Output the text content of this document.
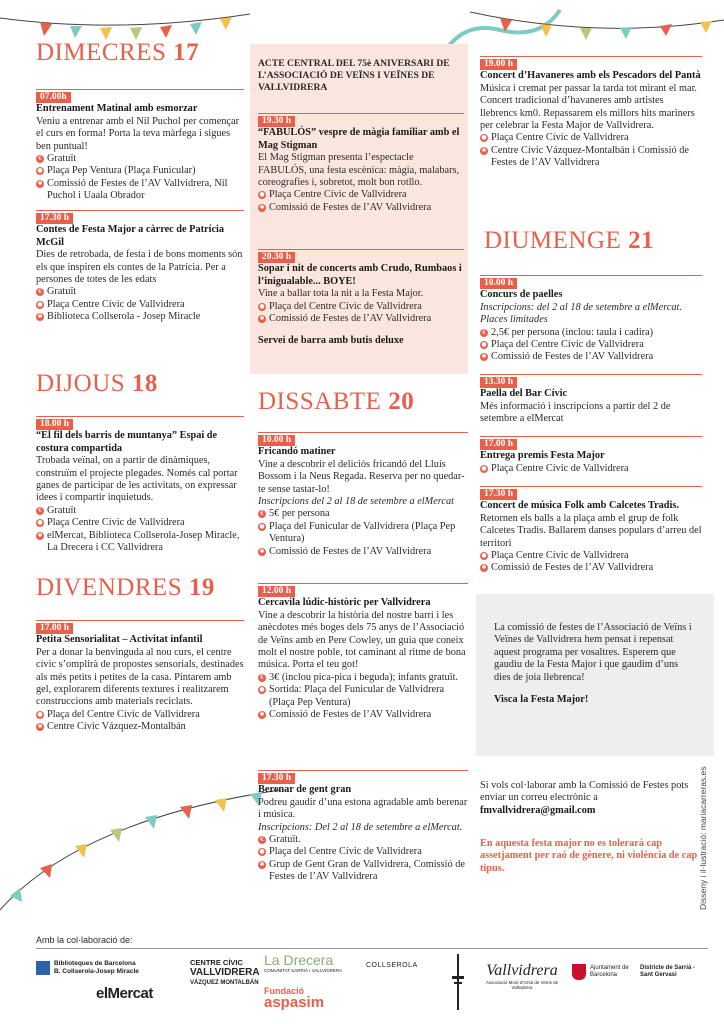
DIMECRES 17
DIJOUS 18
DIVENDRES 19
DISSABTE 20
DIUMENGE 21
ACTE CENTRAL DEL 75è ANIVERSARI DE L’ASSOCIACIÓ DE VEÏNS I VEÏNES DE VALLVIDRERA
07.00h
Entrenament Matinal amb esmorzar
Veniu a entrenar amb el Nil Puchol per començar el curs en forma! Porta la teva màrfega i sigues ben puntual!
€ Gratuït
● Plaça Pep Ventura (Plaça Funicular)
✱ Comissió de Festes de l’AV Vallvidrera, Nil Puchol i Uaala Obrador
17.30 h
Contes de Festa Major a càrrec de Patrícia McGil
Dies de retrobada, de festa i de bons moments són els que inspiren els contes de la Patrícia. Per a persones de totes de les edats
€ Gratuït
● Plaça Centre Cívic de Vallvidrera
✱ Biblioteca Collserola - Josep Miracle
18.00 h
“El fil dels barris de muntanya” Espai de costura compartida
Trobada veïnal, on a partir de dinàmiques, construïm el projecte plegades. Només cal portar ganes de participar de les activitats, on expressar idees i compartir inquietuds.
€ Gratuït
● Plaça Centre Cívic de Vallvidrera
✱ elMercat, Biblioteca Collserola-Josep Miracle, La Drecera i CC Vallvidrera
17.00 h
Petita Sensorialitat – Activitat infantil
Per a donar la benvinguda al nou curs, el centre cívic s’omplirà de propostes sensorials, destinades als més petits i petites de la casa. Pintarem amb gel, explorarem diferents textures i realitzarem construccions amb materials reciclats.
● Plaça del Centre Cívic de Vallvidrera
✱ Centre Cívic Vázquez-Montalbán
19.30 h
“FABULÓS” vespre de màgia familiar amb el Mag Stigman
El Mag Stigman presenta l’espectacle FABULÓS, una festa escènica: màgia, malabars, coreografies i, sobretot, molt bon rotllo.
● Plaça Centre Cívic de Vallvidrera
✱ Comissió de Festes de l’AV Vallvidrera
20.30 h
Sopar i nit de concerts amb Crudo, Rumbaos i l’inigualable... BOYE!
Vine a ballar tota la nit a la Festa Major.
● Plaça del Centre Cívic de Vallvidrera
✱ Comissió de Festes de l’AV Vallvidrera
Servei de barra amb butis deluxe
10.00 h
Fricandó matiner
Vine a descobrir el deliciós fricandó del Lluís Bossom i la Neus Regada. Reserva per no quedar-te sense tastar-lo!
Inscripcions del 2 al 18 de setembre a elMercat
€ 5€ per persona
● Plaça del Funicular de Vallvidrera (Plaça Pep Ventura)
✱ Comissió de Festes de l’AV Vallvidrera
12.00 h
Cercavila lúdic-històric per Vallvidrera
Vine a descobrir la història del nostre barri i les anècdotes més boges dels 75 anys de l’Associació de Veïns amb en Pere Cowley, un guia que coneix molt el nostre poble, tot caminant al ritme de bona música. Porta el teu got!
€ 3€ (inclou pica-pica i beguda); infants gratuït.
● Sortida: Plaça del Funicular de Vallvidrera (Plaça Pep Ventura)
✱ Comissió de Festes de l’AV Vallvidrera
17.30 h
Berenar de gent gran
Podreu gaudir d’una estona agradable amb berenar i música.
Inscripcions: Del 2 al 18 de setembre a elMercat.
€ Gratuït.
● Plaça del Centre Cívic de Vallvidrera
✱ Grup de Gent Gran de Vallvidrera, Comissió de Festes de l’AV Vallvidrera
19.00 h
Concert d’Havaneres amb els Pescadors del Pantà
Música i cremat per passar la tarda tot mirant el mar. Concert tradicional d’havaneres amb artistes llebrencs km0. Repassarem els millors hits mariners per celebrar la Festa Major de Vallvidrera.
● Plaça Centre Cívic de Vallvidrera
✱ Centre Cívic Vázquez-Montalbán i Comissió de Festes de l’AV Vallvidrera
10.00 h
Concurs de paelles
Inscripcions: del 2 al 18 de setembre a elMercat. Places limitades
€ 2,5€ per persona (inclou: taula i cadira)
● Plaça del Centre Cívic de Vallvidrera
✱ Comissió de Festes de l’AV Vallvidrera
13.30 h
Paella del Bar Cívic
Més informació i inscripcions a partir del 2 de setembre a elMercat
17.00 h
Entrega premis Festa Major
● Plaça Centre Cívic de Vallvidrera
17.30 h
Concert de música Folk amb Calcetes Tradis. Retornen els balls a la plaça amb el grup de folk Calcetes Tradis. Ballarem danses populars d’arreu del territori
● Plaça Centre Cívic de Vallvidrera
✱ Comissió de Festes de l’AV Vallvidrera
La comissió de festes de l’Associació de Veïns i Veïnes de Vallvidrera hem pensat i repensat aquest programa per vosaltres. Esperem que gaudiu de la Festa Major i que gaudim d’uns dies de joia llebrenca!
Visca la Festa Major!
Si vols col·laborar amb la Comissió de Festes pots enviar un correu electrònic a
fmvallvidrera@gmail.com
En aquesta festa major no es tolerarà cap assetjament per raó de gènere, ni violència de cap tipus.	Disseny i il·lustració: mariacarreras.es
Amb la col·laboració de:
Biblioteques de Barcelona
B. Collserola-Josep Miracle
elMercat
CENTRE CÍVIC
VALLVIDRERA
VÁZQUEZ MONTALBÁN
La Drecera
COMUNITAT SARRIÀ I VALLVIDRERA
Fundació
aspasim
COLLSEROLA	Vallvidrera
Associació Mont d’Orsà de Veïns de Vallvidrera
Ajuntament de Barcelona
Districte de Sarrià - Sant Gervasi
